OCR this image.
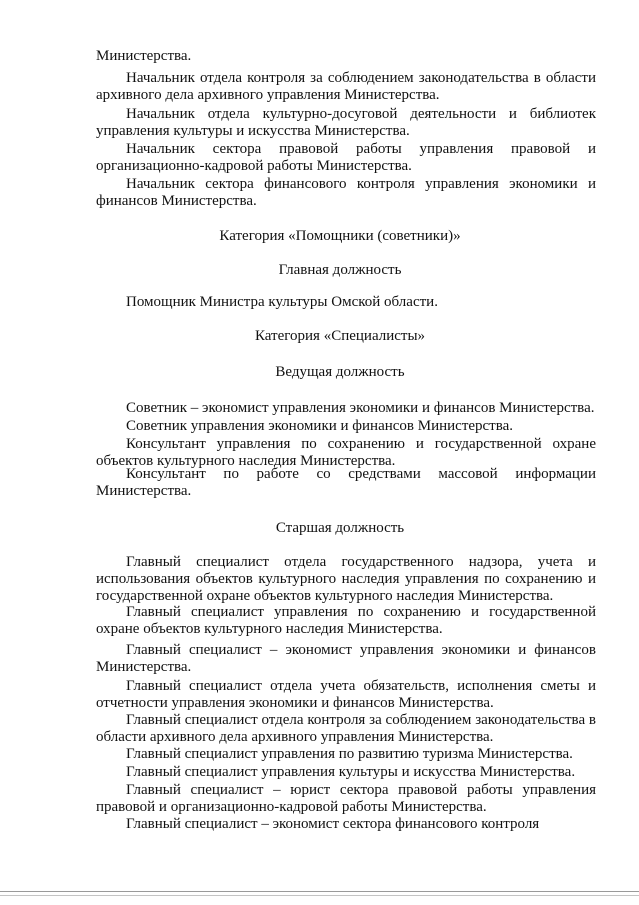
Министерства.

Начальник отдела контроля за соблюдением законодательства в области архивного дела архивного управления Министерства.

Начальник отдела культурно-досуговой деятельности и библиотек управления культуры и искусства Министерства.

Начальник сектора правовой работы управления правовой и организационно-кадровой работы Министерства.

Начальник сектора финансового контроля управления экономики и финансов Министерства.

Категория «Помощники (советники)»

Главная должность

Помощник Министра культуры Омской области.

Категория «Специалисты»

Ведущая должность

Советник – экономист управления экономики и финансов Министерства.

Советник управления экономики и финансов Министерства.

Консультант управления по сохранению и государственной охране объектов культурного наследия Министерства.

Консультант по работе со средствами массовой информации Министерства.

Старшая должность

Главный специалист отдела государственного надзора, учета и использования объектов культурного наследия управления по сохранению и государственной охране объектов культурного наследия Министерства.

Главный специалист управления по сохранению и государственной охране объектов культурного наследия Министерства.

Главный специалист – экономист управления экономики и финансов Министерства.

Главный специалист отдела учета обязательств, исполнения сметы и отчетности управления экономики и финансов Министерства.

Главный специалист отдела контроля за соблюдением законодательства в области архивного дела архивного управления Министерства.

Главный специалист управления по развитию туризма Министерства.

Главный специалист управления культуры и искусства Министерства.

Главный специалист – юрист сектора правовой работы управления правовой и организационно-кадровой работы Министерства.

Главный специалист – экономист сектора финансового контроля
